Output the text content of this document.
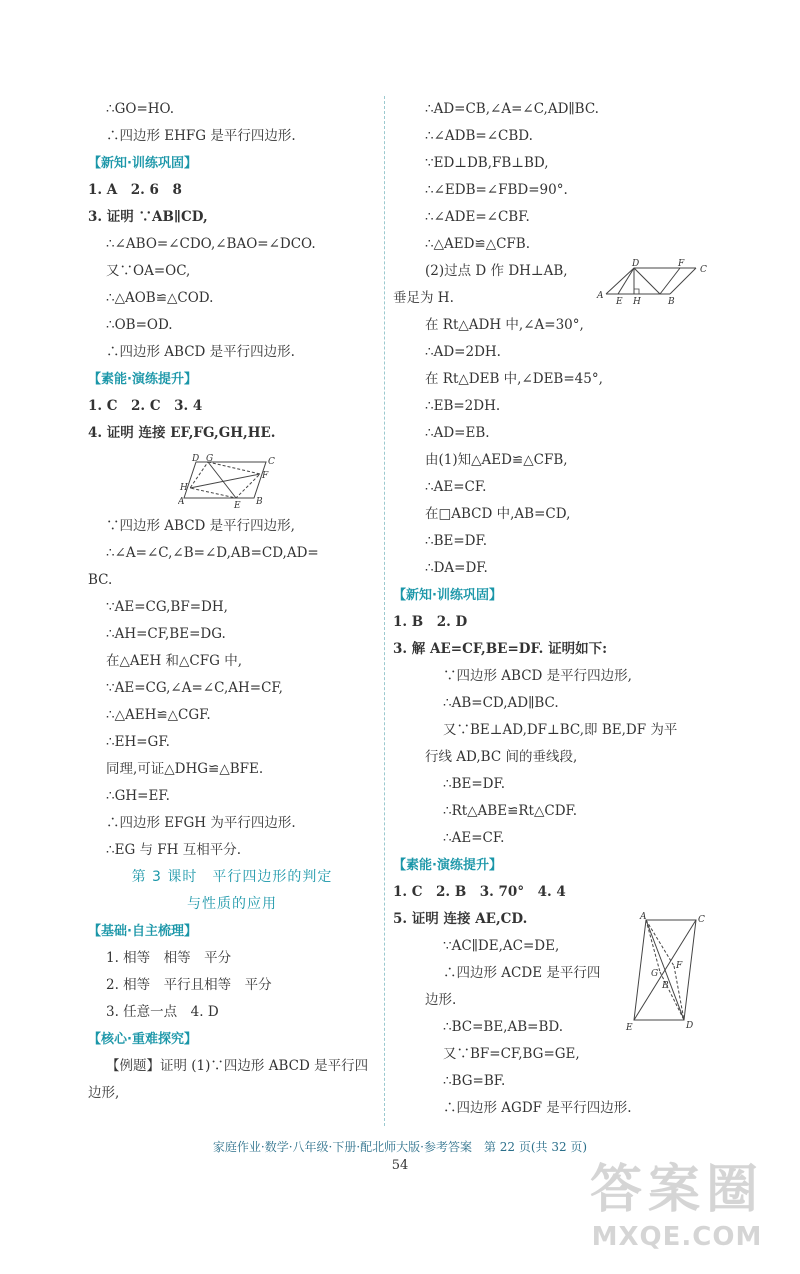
∴GO=HO.
∴四边形 EHFG 是平行四边形.
【新知·训练巩固】
1. A　2. 6　8
3. 证明 ∵AB∥CD,
∴∠ABO=∠CDO,∠BAO=∠DCO.
又∵OA=OC,
∴△AOB≌△COD.
∴OB=OD.
∴四边形 ABCD 是平行四边形.
【素能·演练提升】
1. C　2. C　3. 4
4. 证明 连接 EF,FG,GH,HE.
∵四边形 ABCD 是平行四边形,
∴∠A=∠C,∠B=∠D,AB=CD,AD=
BC.
∵AE=CG,BF=DH,
∴AH=CF,BE=DG.
在△AEH 和△CFG 中,
∵AE=CG,∠A=∠C,AH=CF,
∴△AEH≌△CGF.
∴EH=GF.
同理,可证△DHG≌△BFE.
∴GH=EF.
∴四边形 EFGH 为平行四边形.
∴EG 与 FH 互相平分.
第 3 课时　平行四边形的判定
与性质的应用
【基础·自主梳理】
1. 相等　相等　平分
2. 相等　平行且相等　平分
3. 任意一点　4. D
【核心·重难探究】
【例题】证明 (1)∵四边形 ABCD 是平行四
边形,
D G	C
F
H
A	E B
∴AD=CB,∠A=∠C,AD∥BC.
∴∠ADB=∠CBD.
∵ED⊥DB,FB⊥BD,
∴∠EDB=∠FBD=90°.
∴∠ADE=∠CBF.
∴△AED≌△CFB.
(2)过点 D 作 DH⊥AB,
垂足为 H.
在 Rt△ADH 中,∠A=30°,
∴AD=2DH.
在 Rt△DEB 中,∠DEB=45°,
∴EB=2DH.
∴AD=EB.
由(1)知△AED≌△CFB,
∴AE=CF.
在□ABCD 中,AB=CD,
∴BE=DF.
∴DA=DF.
【新知·训练巩固】
1. B　2. D
3. 解 AE=CF,BE=DF. 证明如下:
∵四边形 ABCD 是平行四边形,
∴AB=CD,AD∥BC.
又∵BE⊥AD,DF⊥BC,即 BE,DF 为平
行线 AD,BC 间的垂线段,
∴BE=DF.
∴Rt△ABE≌Rt△CDF.
∴AE=CF.
【素能·演练提升】
1. C　2. B　3. 70°　4. 4
5. 证明 连接 AE,CD.
∵AC∥DE,AC=DE,
∴四边形 ACDE 是平行四
边形.
∴BC=BE,AB=BD.
又∵BF=CF,BG=GE,
∴BG=BF.
∴四边形 AGDF 是平行四边形.
D	F
C
A
E H	B
A	C
G
F
B
E	D
家庭作业·数学·八年级·下册·配北师大版·参考答案　第 22 页(共 32 页)
54	答案圈
MXQE.COM
